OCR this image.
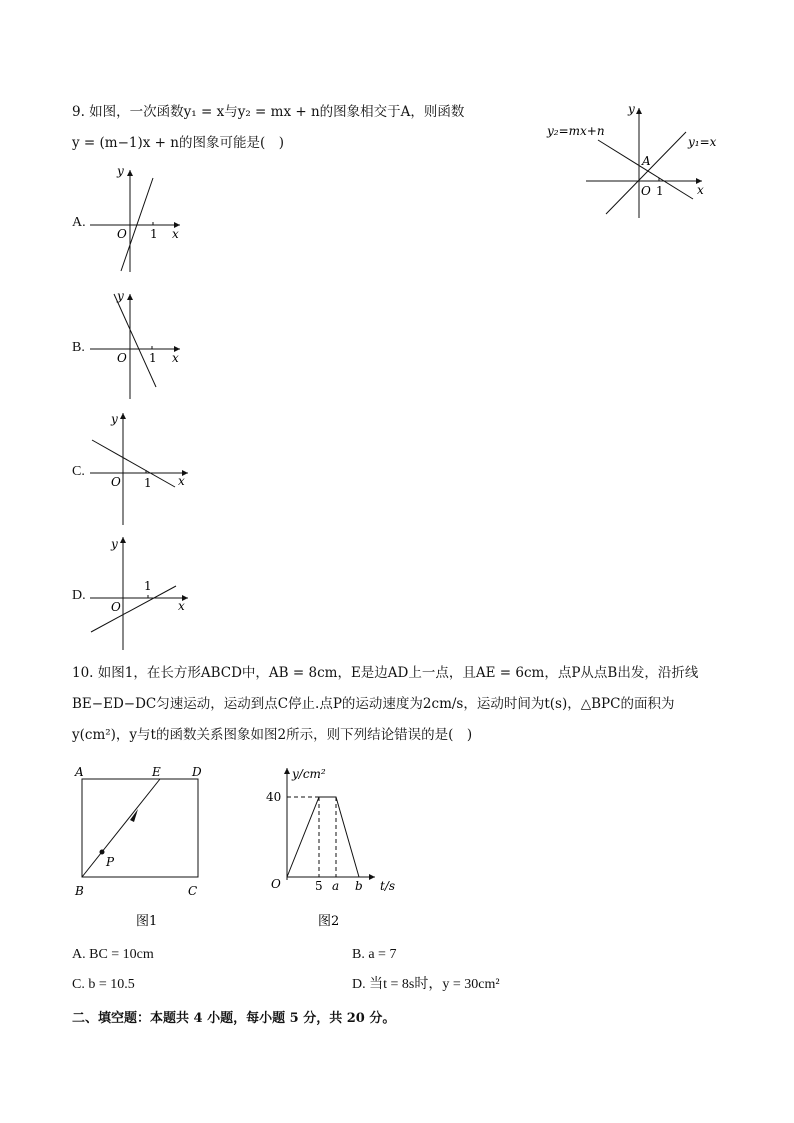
9. 如图，一次函数y₁ = x与y₂ = mx + n的图象相交于A，则函数
y = (m−1)x + n的图象可能是(　)
y
x
O 1
A
y₂=mx+n
y₁=x
A.
y
x
O 1
B.
y
x
O 1
C.
y
x
O 1
D.
y
x
O
1
10. 如图1，在长方形ABCD中，AB = 8cm，E是边AD上一点，且AE = 6cm，点P从点B出发，沿折线
BE−ED−DC匀速运动，运动到点C停止.点P的运动速度为2cm/s，运动时间为t(s)，△BPC的面积为
y(cm²)，y与t的函数关系图象如图2所示，则下列结论错误的是(　)
A	E	D
P
B	C
图1
y/cm²
t/s
O
40
5 a b
图2
A. BC = 10cm	B. a = 7
C. b = 10.5	D. 当t = 8s时，y = 30cm²
二、填空题：本题共 4 小题，每小题 5 分，共 20 分。
